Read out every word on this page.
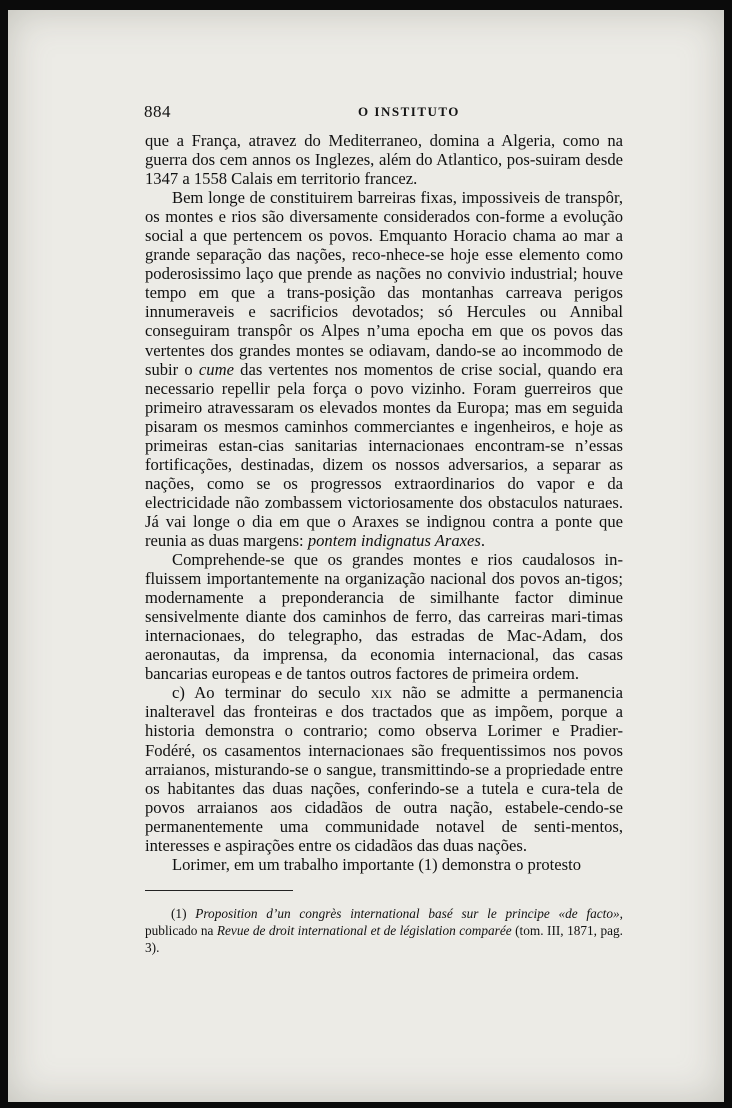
884	O INSTITUTO

que a França, atravez do Mediterraneo, domina a Algeria, como na guerra dos cem annos os Inglezes, além do Atlantico, pos-suiram desde 1347 a 1558 Calais em territorio francez.

Bem longe de constituirem barreiras fixas, impossiveis de transpôr, os montes e rios são diversamente considerados con-forme a evolução social a que pertencem os povos. Emquanto Horacio chama ao mar a grande separação das nações, reco-nhece-se hoje esse elemento como poderosissimo laço que prende as nações no convivio industrial; houve tempo em que a trans-posição das montanhas carreava perigos innumeraveis e sacrificios devotados; só Hercules ou Annibal conseguiram transpôr os Alpes n’uma epocha em que os povos das vertentes dos grandes montes se odiavam, dando-se ao incommodo de subir o cume das vertentes nos momentos de crise social, quando era necessario repellir pela força o povo vizinho. Foram guerreiros que primeiro atravessaram os elevados montes da Europa; mas em seguida pisaram os mesmos caminhos commerciantes e ingenheiros, e hoje as primeiras estan-cias sanitarias internacionaes encontram-se n’essas fortificações, destinadas, dizem os nossos adversarios, a separar as nações, como se os progressos extraordinarios do vapor e da electricidade não zombassem victoriosamente dos obstaculos naturaes. Já vai longe o dia em que o Araxes se indignou contra a ponte que reunia as duas margens: pontem indignatus Araxes.

Comprehende-se que os grandes montes e rios caudalosos in-fluissem importantemente na organização nacional dos povos an-tigos; modernamente a preponderancia de similhante factor diminue sensivelmente diante dos caminhos de ferro, das carreiras mari-timas internacionaes, do telegrapho, das estradas de Mac-Adam, dos aeronautas, da imprensa, da economia internacional, das casas bancarias europeas e de tantos outros factores de primeira ordem.

c) Ao terminar do seculo xix não se admitte a permanencia inalteravel das fronteiras e dos tractados que as impõem, porque a historia demonstra o contrario; como observa Lorimer e Pradier-Fodéré, os casamentos internacionaes são frequentissimos nos povos arraianos, misturando-se o sangue, transmittindo-se a propriedade entre os habitantes das duas nações, conferindo-se a tutela e cura-tela de povos arraianos aos cidadãos de outra nação, estabele-cendo-se permanentemente uma communidade notavel de senti-mentos, interesses e aspirações entre os cidadãos das duas nações.

Lorimer, em um trabalho importante (1) demonstra o protesto

(1) Proposition d’un congrès international basé sur le principe «de facto», publicado na Revue de droit international et de législation comparée (tom. III, 1871, pag. 3).
